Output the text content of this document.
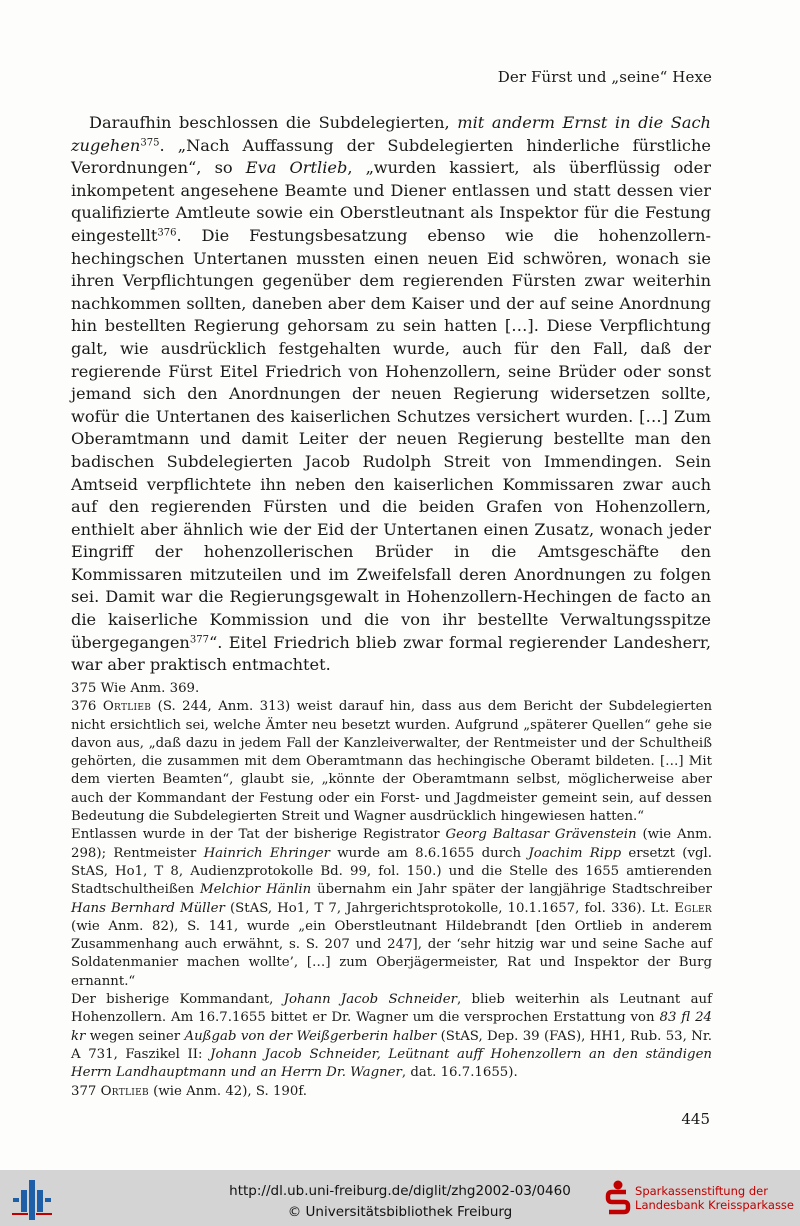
Der Fürst und „seine“ Hexe

Daraufhin beschlossen die Subdelegierten, mit anderm Ernst in die Sach zugehen$^{375}$. „Nach Auffassung der Subdelegierten hinderliche fürstliche Verordnungen“, so Eva Ortlieb, „wurden kassiert, als überflüssig oder inkompetent angesehene Beamte und Diener entlassen und statt dessen vier qualifizierte Amtleute sowie ein Oberstleutnant als Inspektor für die Festung eingestellt$^{376}$. Die Festungsbesatzung ebenso wie die hohenzollern-hechingschen Untertanen mussten einen neuen Eid schwören, wonach sie ihren Verpflichtungen gegenüber dem regierenden Fürsten zwar weiterhin nachkommen sollten, daneben aber dem Kaiser und der auf seine Anordnung hin bestellten Regierung gehorsam zu sein hatten […]. Diese Verpflichtung galt, wie ausdrücklich festgehalten wurde, auch für den Fall, daß der regierende Fürst Eitel Friedrich von Hohenzollern, seine Brüder oder sonst jemand sich den Anordnungen der neuen Regierung widersetzen sollte, wofür die Untertanen des kaiserlichen Schutzes versichert wurden. […] Zum Oberamtmann und damit Leiter der neuen Regierung bestellte man den badischen Subdelegierten Jacob Rudolph Streit von Immendingen. Sein Amtseid verpflichtete ihn neben den kaiserlichen Kommissaren zwar auch auf den regierenden Fürsten und die beiden Grafen von Hohenzollern, enthielt aber ähnlich wie der Eid der Untertanen einen Zusatz, wonach jeder Eingriff der hohenzollerischen Brüder in die Amtsgeschäfte den Kommissaren mitzuteilen und im Zweifelsfall deren Anordnungen zu folgen sei. Damit war die Regierungsgewalt in Hohenzollern-Hechingen de facto an die kaiserliche Kommission und die von ihr bestellte Verwaltungsspitze übergegangen$^{377}$“. Eitel Friedrich blieb zwar formal regierender Landesherr, war aber praktisch entmachtet.

375 Wie Anm. 369.

376 Ortlieb (S. 244, Anm. 313) weist darauf hin, dass aus dem Bericht der Subdelegierten nicht ersichtlich sei, welche Ämter neu besetzt wurden. Aufgrund „späterer Quellen“ gehe sie davon aus, „daß dazu in jedem Fall der Kanzleiverwalter, der Rentmeister und der Schultheiß gehörten, die zusammen mit dem Oberamtmann das hechingische Oberamt bildeten. […] Mit dem vierten Beamten“, glaubt sie, „könnte der Oberamtmann selbst, möglicherweise aber auch der Kommandant der Festung oder ein Forst- und Jagdmeister gemeint sein, auf dessen Bedeutung die Subdelegierten Streit und Wagner ausdrücklich hingewiesen hatten.“

Entlassen wurde in der Tat der bisherige Registrator Georg Baltasar Grävenstein (wie Anm. 298); Rentmeister Hainrich Ehringer wurde am 8.6.1655 durch Joachim Ripp ersetzt (vgl. StAS, Ho1, T 8, Audienzprotokolle Bd. 99, fol. 150.) und die Stelle des 1655 amtierenden Stadtschultheißen Melchior Hänlin übernahm ein Jahr später der langjährige Stadtschreiber Hans Bernhard Müller (StAS, Ho1, T 7, Jahrgerichtsprotokolle, 10.1.1657, fol. 336). Lt. Egler (wie Anm. 82), S. 141, wurde „ein Oberstleutnant Hildebrandt [den Ortlieb in anderem Zusammenhang auch erwähnt, s. S. 207 und 247], der ‘sehr hitzig war und seine Sache auf Soldatenmanier machen wollte’, […] zum Oberjägermeister, Rat und Inspektor der Burg ernannt.“

Der bisherige Kommandant, Johann Jacob Schneider, blieb weiterhin als Leutnant auf Hohenzollern. Am 16.7.1655 bittet er Dr. Wagner um die versprochen Erstattung von 83 fl 24 kr wegen seiner Außgab von der Weißgerberin halber (StAS, Dep. 39 (FAS), HH1, Rub. 53, Nr. A 731, Faszikel II: Johann Jacob Schneider, Leütnant auff Hohenzollern an den ständigen Herrn Landhauptmann und an Herrn Dr. Wagner, dat. 16.7.1655).

377 Ortlieb (wie Anm. 42), S. 190f.

445
http://dl.ub.uni-freiburg.de/diglit/zhg2002-03/0460
© Universitätsbibliothek Freiburg
Sparkassenstiftung der
Landesbank Kreissparkasse
